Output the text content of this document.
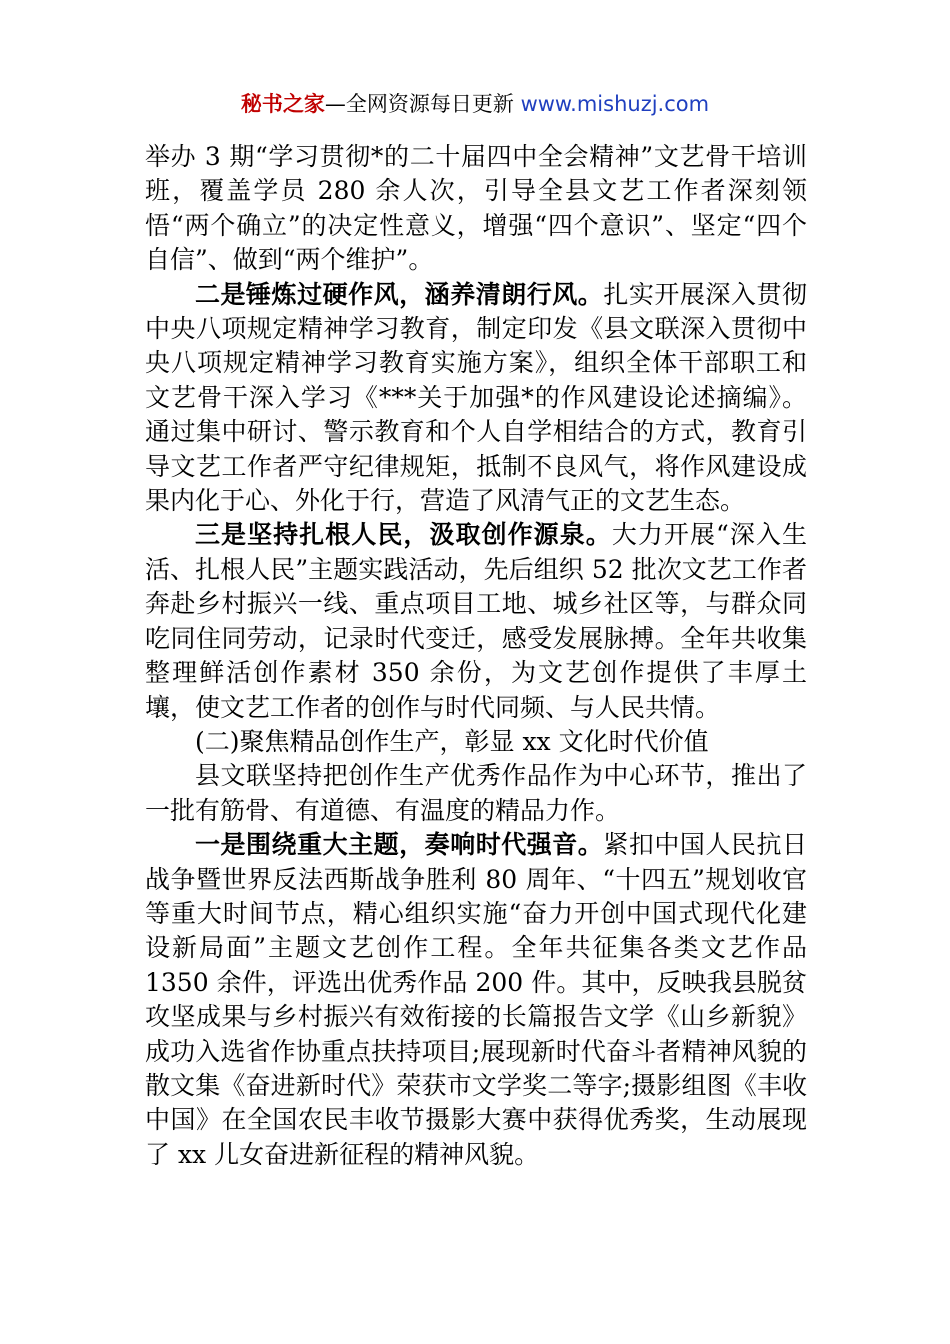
秘书之家—全网资源每日更新 www.mishuzj.com

举办 3 期“学习贯彻*的二十届四中全会精神”文艺骨干培训班，覆盖学员 280 余人次，引导全县文艺工作者深刻领悟“两个确立”的决定性意义，增强“四个意识”、坚定“四个自信”、做到“两个维护”。

二是锤炼过硬作风，涵养清朗行风。扎实开展深入贯彻中央八项规定精神学习教育，制定印发《县文联深入贯彻中央八项规定精神学习教育实施方案》，组织全体干部职工和文艺骨干深入学习《***关于加强*的作风建设论述摘编》。通过集中研讨、警示教育和个人自学相结合的方式，教育引导文艺工作者严守纪律规矩，抵制不良风气，将作风建设成果内化于心、外化于行，营造了风清气正的文艺生态。

三是坚持扎根人民，汲取创作源泉。大力开展“深入生活、扎根人民”主题实践活动，先后组织 52 批次文艺工作者奔赴乡村振兴一线、重点项目工地、城乡社区等，与群众同吃同住同劳动，记录时代变迁，感受发展脉搏。全年共收集整理鲜活创作素材 350 余份，为文艺创作提供了丰厚土壤，使文艺工作者的创作与时代同频、与人民共情。

(二)聚焦精品创作生产，彰显 xx 文化时代价值

县文联坚持把创作生产优秀作品作为中心环节，推出了一批有筋骨、有道德、有温度的精品力作。

一是围绕重大主题，奏响时代强音。紧扣中国人民抗日战争暨世界反法西斯战争胜利 80 周年、“十四五”规划收官等重大时间节点，精心组织实施“奋力开创中国式现代化建设新局面”主题文艺创作工程。全年共征集各类文艺作品 1350 余件，评选出优秀作品 200 件。其中，反映我县脱贫攻坚成果与乡村振兴有效衔接的长篇报告文学《山乡新貌》成功入选省作协重点扶持项目;展现新时代奋斗者精神风貌的散文集《奋进新时代》荣获市文学奖二等字;摄影组图《丰收中国》在全国农民丰收节摄影大赛中获得优秀奖，生动展现了 xx 儿女奋进新征程的精神风貌。
